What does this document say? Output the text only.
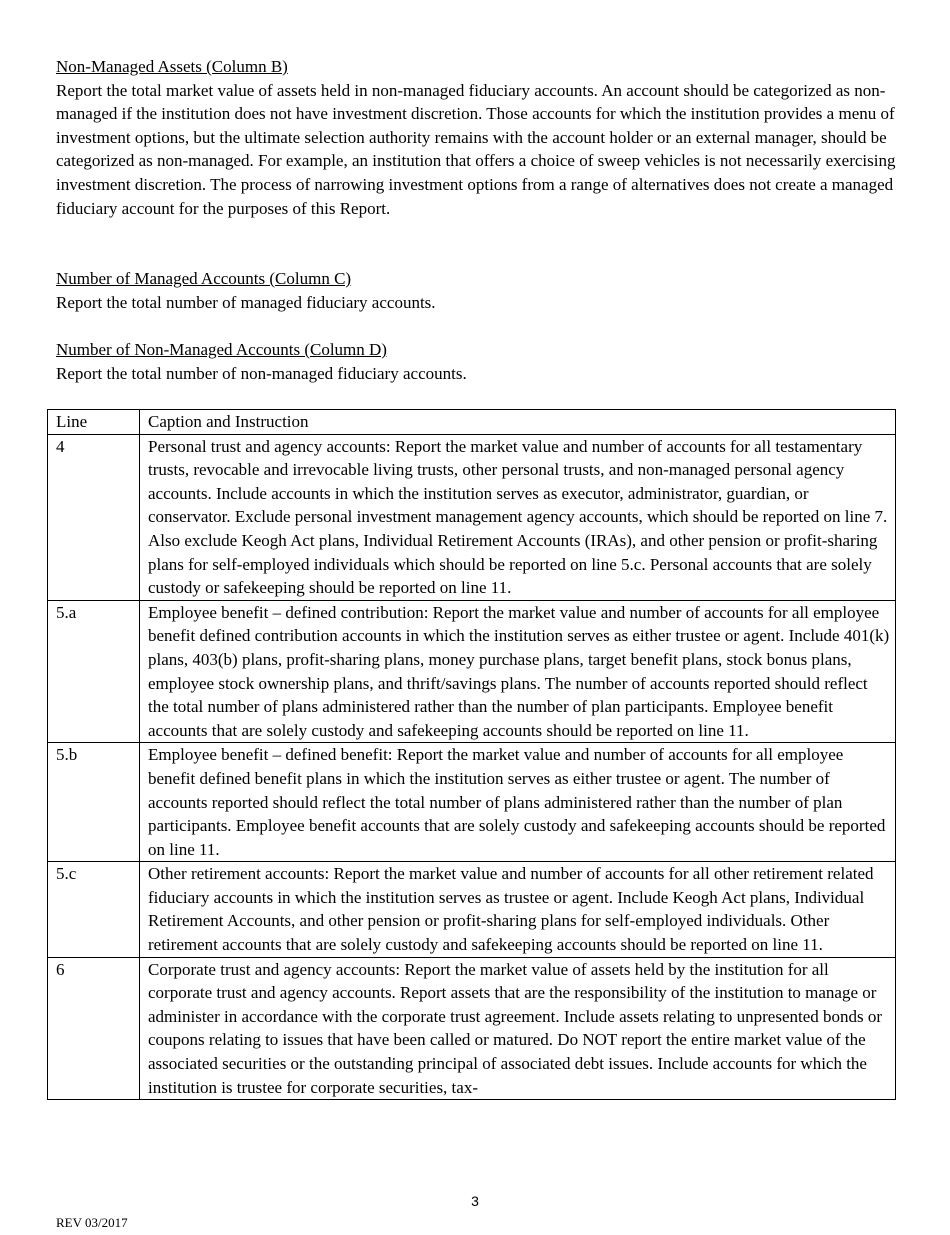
Non-Managed Assets (Column B)

Report the total market value of assets held in non-managed fiduciary accounts. An account should be categorized as non-managed if the institution does not have investment discretion. Those accounts for which the institution provides a menu of investment options, but the ultimate selection authority remains with the account holder or an external manager, should be categorized as non-managed. For example, an institution that offers a choice of sweep vehicles is not necessarily exercising investment discretion. The process of narrowing investment options from a range of alternatives does not create a managed fiduciary account for the purposes of this Report.

Number of Managed Accounts (Column C)

Report the total number of managed fiduciary accounts.

Number of Non-Managed Accounts (Column D)

Report the total number of non-managed fiduciary accounts.

Line	Caption and Instruction
4	Personal trust and agency accounts: Report the market value and number of accounts for all testamentary trusts, revocable and irrevocable living trusts, other personal trusts, and non-managed personal agency accounts. Include accounts in which the institution serves as executor, administrator, guardian, or conservator. Exclude personal investment management agency accounts, which should be reported on line 7. Also exclude Keogh Act plans, Individual Retirement Accounts (IRAs), and other pension or profit-sharing plans for self-employed individuals which should be reported on line 5.c. Personal accounts that are solely custody or safekeeping should be reported on line 11.
5.a	Employee benefit – defined contribution: Report the market value and number of accounts for all employee benefit defined contribution accounts in which the institution serves as either trustee or agent. Include 401(k) plans, 403(b) plans, profit-sharing plans, money purchase plans, target benefit plans, stock bonus plans, employee stock ownership plans, and thrift/savings plans. The number of accounts reported should reflect the total number of plans administered rather than the number of plan participants. Employee benefit accounts that are solely custody and safekeeping accounts should be reported on line 11.
5.b	Employee benefit – defined benefit: Report the market value and number of accounts for all employee benefit defined benefit plans in which the institution serves as either trustee or agent. The number of accounts reported should reflect the total number of plans administered rather than the number of plan participants. Employee benefit accounts that are solely custody and safekeeping accounts should be reported on line 11.
5.c	Other retirement accounts: Report the market value and number of accounts for all other retirement related fiduciary accounts in which the institution serves as trustee or agent. Include Keogh Act plans, Individual Retirement Accounts, and other pension or profit-sharing plans for self-employed individuals. Other retirement accounts that are solely custody and safekeeping accounts should be reported on line 11.
6	Corporate trust and agency accounts: Report the market value of assets held by the institution for all corporate trust and agency accounts. Report assets that are the responsibility of the institution to manage or administer in accordance with the corporate trust agreement. Include assets relating to unpresented bonds or coupons relating to issues that have been called or matured. Do NOT report the entire market value of the associated securities or the outstanding principal of associated debt issues. Include accounts for which the institution is trustee for corporate securities, tax-
3
REV 03/2017
